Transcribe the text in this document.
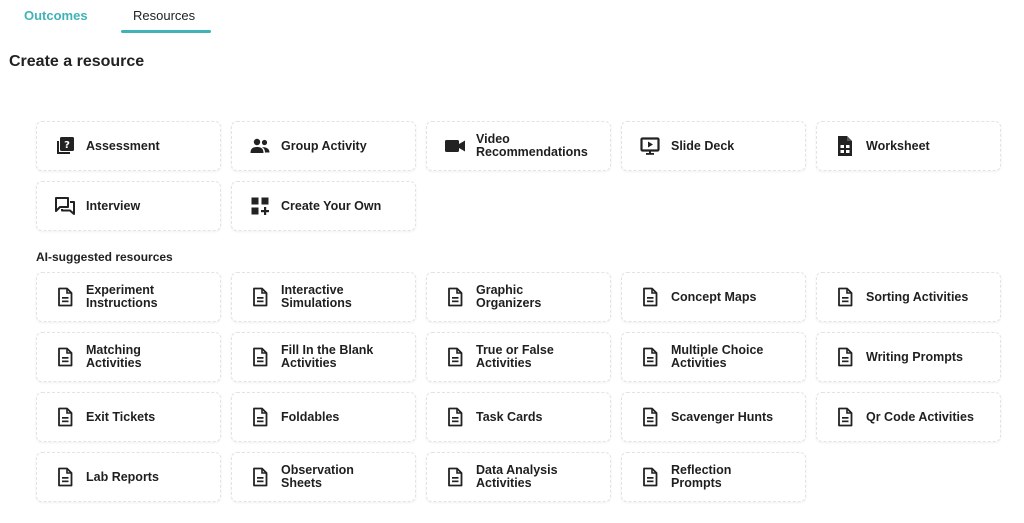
Outcomes	Resources
Create a resource
? Assessment	Group Activity	Video
Recommendations	Slide Deck	Worksheet
Interview	Create Your Own
AI-suggested resources
Experiment
Instructions
Interactive
Simulations
Graphic
Organizers	Concept Maps	Sorting Activities
Matching
Activities
Fill In the Blank
Activities
True or False
Activities
Multiple Choice
Activities	Writing Prompts
Exit Tickets	Foldables	Task Cards	Scavenger Hunts	Qr Code Activities
Lab Reports	Observation
Sheets
Data Analysis
Activities
Reflection
Prompts
